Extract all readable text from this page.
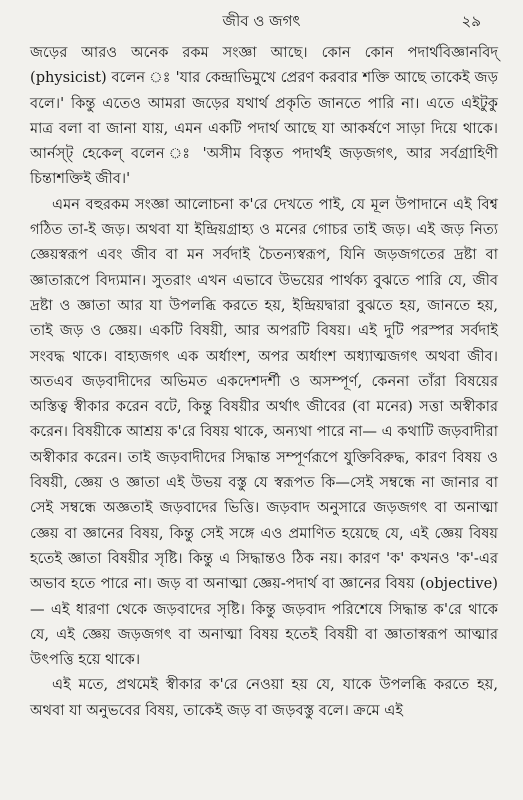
জীব ও জগৎ	২৯

জড়ের আরও অনেক রকম সংজ্ঞা আছে। কোন কোন পদার্থবিজ্ঞানবিদ্ (physicist) বলেন ঃ 'যার কেন্দ্রাভিমুখে প্রেরণ করবার শক্তি আছে তাকেই জড় বলে।' কিন্তু এতেও আমরা জড়ের যথার্থ প্রকৃতি জানতে পারি না। এতে এইটুকু মাত্র বলা বা জানা যায়, এমন একটি পদার্থ আছে যা আকর্ষণে সাড়া দিয়ে থাকে। আর্নস্ট্ হেকেল্ বলেন ঃ 'অসীম বিস্তৃত পদার্থই জড়জগৎ, আর সর্বগ্রাহিণী চিন্তাশক্তিই জীব।'

এমন বহুরকম সংজ্ঞা আলোচনা ক'রে দেখতে পাই, যে মূল উপাদানে এই বিশ্ব গঠিত তা-ই জড়। অথবা যা ইন্দ্রিয়গ্রাহ্য ও মনের গোচর তাই জড়। এই জড় নিত্য জ্ঞেয়স্বরূপ এবং জীব বা মন সর্বদাই চৈতন্যস্বরূপ, যিনি জড়জগতের দ্রষ্টা বা জ্ঞাতারূপে বিদ্যমান। সুতরাং এখন এভাবে উভয়ের পার্থক্য বুঝতে পারি যে, জীব দ্রষ্টা ও জ্ঞাতা আর যা উপলব্ধি করতে হয়, ইন্দ্রিয়দ্বারা বুঝতে হয়, জানতে হয়, তাই জড় ও জ্ঞেয়। একটি বিষয়ী, আর অপরটি বিষয়। এই দুটি পরস্পর সর্বদাই সংবদ্ধ থাকে। বাহ্যজগৎ এক অর্ধাংশ, অপর অর্ধাংশ অধ্যাত্মজগৎ অথবা জীব। অতএব জড়বাদীদের অভিমত একদেশদর্শী ও অসম্পূর্ণ, কেননা তাঁরা বিষয়ের অস্তিত্ব স্বীকার করেন বটে, কিন্তু বিষয়ীর অর্থাৎ জীবের (বা মনের) সত্তা অস্বীকার করেন। বিষয়ীকে আশ্রয় ক'রে বিষয় থাকে, অন্যথা পারে না— এ কথাটি জড়বাদীরা অস্বীকার করেন। তাই জড়বাদীদের সিদ্ধান্ত সম্পূর্ণরূপে যুক্তিবিরুদ্ধ, কারণ বিষয় ও বিষয়ী, জ্ঞেয় ও জ্ঞাতা এই উভয় বস্তু যে স্বরূপত কি—সেই সম্বন্ধে না জানার বা সেই সম্বন্ধে অজ্ঞতাই জড়বাদের ভিত্তি। জড়বাদ অনুসারে জড়জগৎ বা অনাত্মা জ্ঞেয় বা জ্ঞানের বিষয়, কিন্তু সেই সঙ্গে এও প্রমাণিত হয়েছে যে, এই জ্ঞেয় বিষয় হতেই জ্ঞাতা বিষয়ীর সৃষ্টি। কিন্তু এ সিদ্ধান্তও ঠিক নয়। কারণ 'ক' কখনও 'ক'-এর অভাব হতে পারে না। জড় বা অনাত্মা জ্ঞেয়-পদার্থ বা জ্ঞানের বিষয় (objective)— এই ধারণা থেকে জড়বাদের সৃষ্টি। কিন্তু জড়বাদ পরিশেষে সিদ্ধান্ত ক'রে থাকে যে, এই জ্ঞেয় জড়জগৎ বা অনাত্মা বিষয় হতেই বিষয়ী বা জ্ঞাতাস্বরূপ আত্মার উৎপত্তি হয়ে থাকে।

এই মতে, প্রথমেই স্বীকার ক'রে নেওয়া হয় যে, যাকে উপলব্ধি করতে হয়, অথবা যা অনুভবের বিষয়, তাকেই জড় বা জড়বস্তু বলে। ক্রমে এই
